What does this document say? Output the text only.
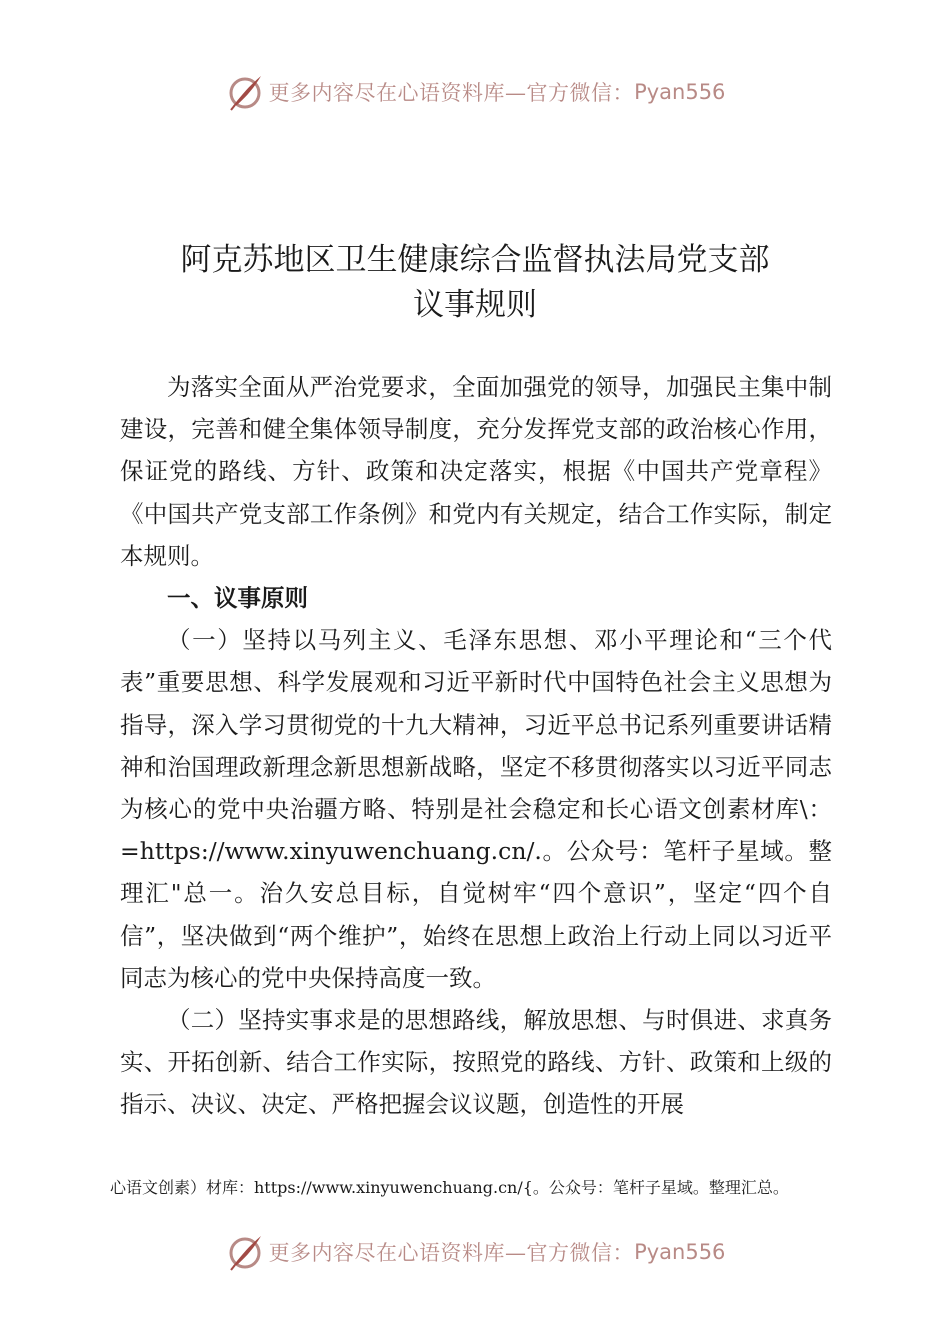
更多内容尽在心语资料库—官方微信： Pyan556
阿克苏地区卫生健康综合监督执法局党支部
议事规则

为落实全面从严治党要求，全面加强党的领导，加强民主集中制建设，完善和健全集体领导制度，充分发挥党支部的政治核心作用，保证党的路线、方针、政策和决定落实，根据《中国共产党章程》《中国共产党支部工作条例》和党内有关规定，结合工作实际，制定本规则。

一、议事原则

（一）坚持以马列主义、毛泽东思想、邓小平理论和“三个代表”重要思想、科学发展观和习近平新时代中国特色社会主义思想为指导，深入学习贯彻党的十九大精神，习近平总书记系列重要讲话精神和治国理政新理念新思想新战略，坚定不移贯彻落实以习近平同志为核心的党中央治疆方略、特别是社会稳定和长心语文创素材库\：=https://www.xinyuwenchuang.cn/.。公众号：笔杆子星域。整理汇"总一。治久安总目标，自觉树牢“四个意识”，坚定“四个自信”，坚决做到“两个维护”，始终在思想上政治上行动上同以习近平同志为核心的党中央保持高度一致。

（二）坚持实事求是的思想路线，解放思想、与时俱进、求真务实、开拓创新、结合工作实际，按照党的路线、方针、政策和上级的指示、决议、决定、严格把握会议议题，创造性的开展

心语文创素）材库：https://www.xinyuwenchuang.cn/{。公众号：笔杆子星域。整理汇总。
更多内容尽在心语资料库—官方微信： Pyan556
